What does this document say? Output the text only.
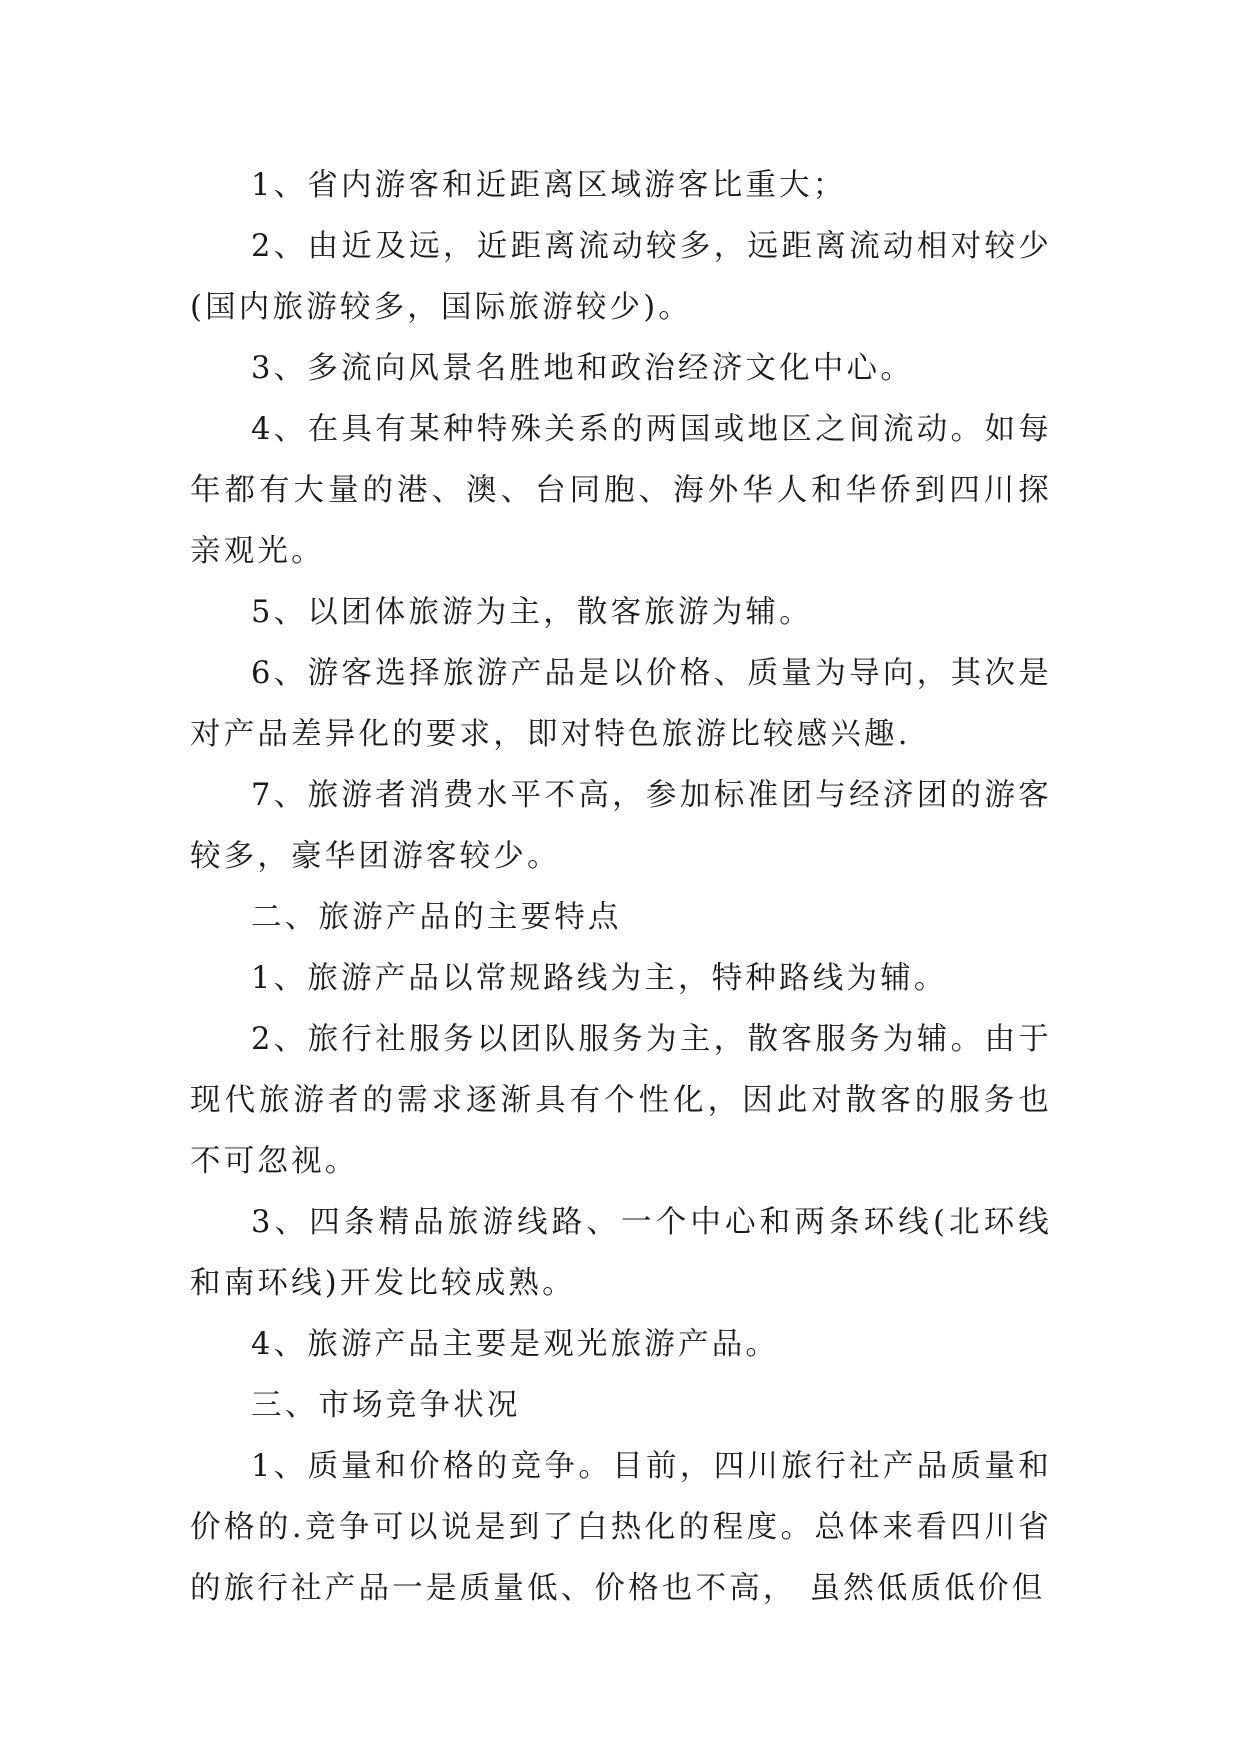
1、省内游客和近距离区域游客比重大；

2、由近及远，近距离流动较多，远距离流动相对较少(国内旅游较多，国际旅游较少)。

3、多流向风景名胜地和政治经济文化中心。

4、在具有某种特殊关系的两国或地区之间流动。如每年都有大量的港、澳、台同胞、海外华人和华侨到四川探亲观光。

5、以团体旅游为主，散客旅游为辅。

6、游客选择旅游产品是以价格、质量为导向，其次是对产品差异化的要求，即对特色旅游比较感兴趣.

7、旅游者消费水平不高，参加标准团与经济团的游客较多，豪华团游客较少。

二、旅游产品的主要特点

1、旅游产品以常规路线为主，特种路线为辅。

2、旅行社服务以团队服务为主，散客服务为辅。由于现代旅游者的需求逐渐具有个性化，因此对散客的服务也不可忽视。

3、四条精品旅游线路、一个中心和两条环线(北环线和南环线)开发比较成熟。

4、旅游产品主要是观光旅游产品。

三、市场竞争状况

1、质量和价格的竞争。目前，四川旅行社产品质量和价格的.竞争可以说是到了白热化的程度。总体来看四川省的旅行社产品一是质量低、价格也不高， 虽然低质低价但
